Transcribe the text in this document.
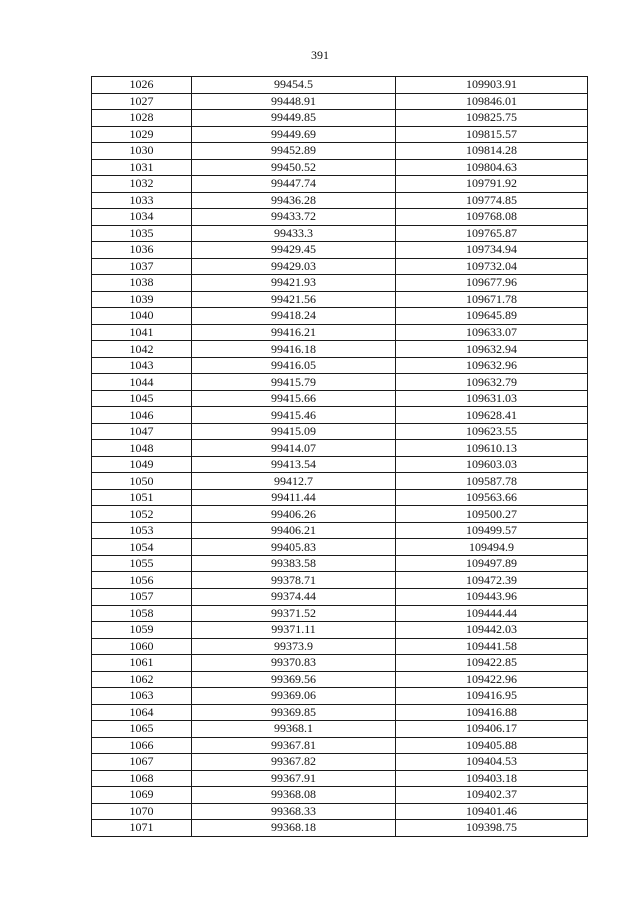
391
1026	99454.5	109903.91
1027	99448.91	109846.01
1028	99449.85	109825.75
1029	99449.69	109815.57
1030	99452.89	109814.28
1031	99450.52	109804.63
1032	99447.74	109791.92
1033	99436.28	109774.85
1034	99433.72	109768.08
1035	99433.3	109765.87
1036	99429.45	109734.94
1037	99429.03	109732.04
1038	99421.93	109677.96
1039	99421.56	109671.78
1040	99418.24	109645.89
1041	99416.21	109633.07
1042	99416.18	109632.94
1043	99416.05	109632.96
1044	99415.79	109632.79
1045	99415.66	109631.03
1046	99415.46	109628.41
1047	99415.09	109623.55
1048	99414.07	109610.13
1049	99413.54	109603.03
1050	99412.7	109587.78
1051	99411.44	109563.66
1052	99406.26	109500.27
1053	99406.21	109499.57
1054	99405.83	109494.9
1055	99383.58	109497.89
1056	99378.71	109472.39
1057	99374.44	109443.96
1058	99371.52	109444.44
1059	99371.11	109442.03
1060	99373.9	109441.58
1061	99370.83	109422.85
1062	99369.56	109422.96
1063	99369.06	109416.95
1064	99369.85	109416.88
1065	99368.1	109406.17
1066	99367.81	109405.88
1067	99367.82	109404.53
1068	99367.91	109403.18
1069	99368.08	109402.37
1070	99368.33	109401.46
1071	99368.18	109398.75
